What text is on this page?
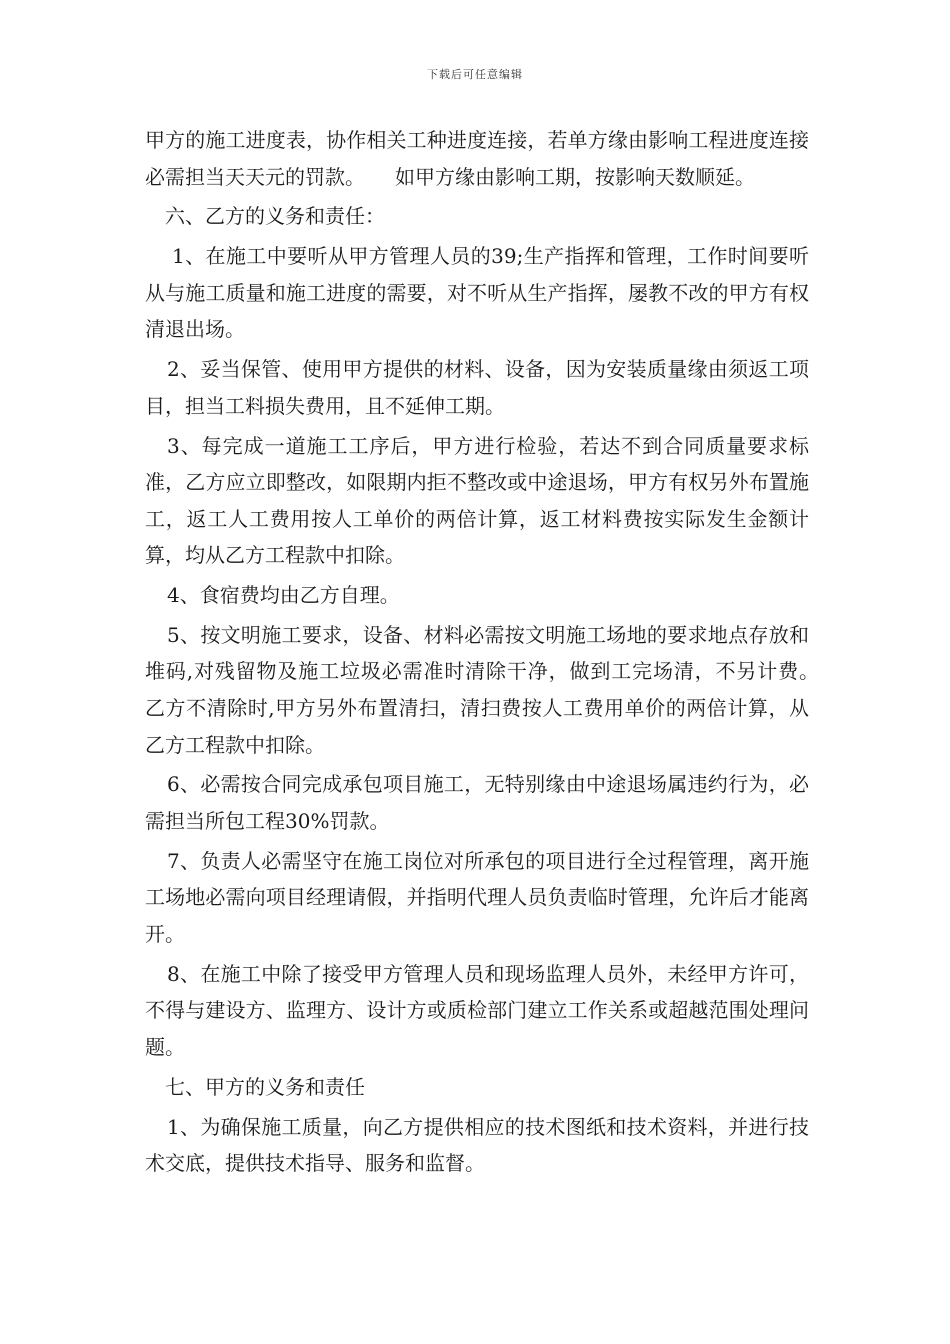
下载后可任意编辑

甲方的施工进度表，协作相关工种进度连接，若单方缘由影响工程进度连接必需担当天天元的罚款。　　如甲方缘由影响工期，按影响天数顺延。

六、乙方的义务和责任：

1、在施工中要听从甲方管理人员的39;生产指挥和管理，工作时间要听从与施工质量和施工进度的需要，对不听从生产指挥，屡教不改的甲方有权清退出场。

2、妥当保管、使用甲方提供的材料、设备，因为安装质量缘由须返工项目，担当工料损失费用，且不延伸工期。

3、每完成一道施工工序后，甲方进行检验，若达不到合同质量要求标准，乙方应立即整改，如限期内拒不整改或中途退场，甲方有权另外布置施工，返工人工费用按人工单价的两倍计算，返工材料费按实际发生金额计算，均从乙方工程款中扣除。

4、食宿费均由乙方自理。

5、按文明施工要求，设备、材料必需按文明施工场地的要求地点存放和堆码,对残留物及施工垃圾必需准时清除干净，做到工完场清，不另计费。　　乙方不清除时,甲方另外布置清扫，清扫费按人工费用单价的两倍计算，从乙方工程款中扣除。

6、必需按合同完成承包项目施工，无特别缘由中途退场属违约行为，必需担当所包工程30%罚款。

7、负责人必需坚守在施工岗位对所承包的项目进行全过程管理，离开施工场地必需向项目经理请假，并指明代理人员负责临时管理，允许后才能离开。

8、在施工中除了接受甲方管理人员和现场监理人员外，未经甲方许可，不得与建设方、监理方、设计方或质检部门建立工作关系或超越范围处理问题。

七、甲方的义务和责任

1、为确保施工质量，向乙方提供相应的技术图纸和技术资料，并进行技术交底，提供技术指导、服务和监督。
